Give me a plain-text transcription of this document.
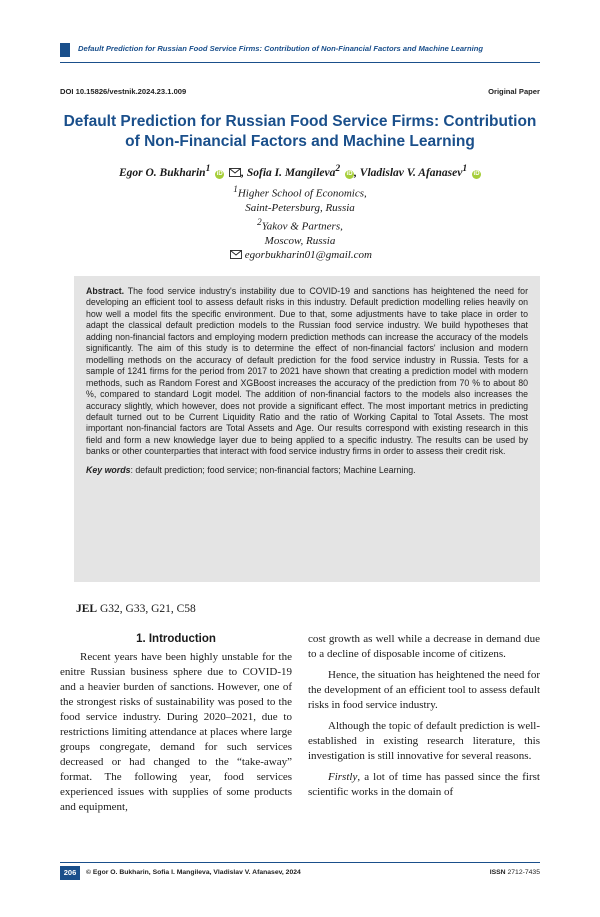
Default Prediction for Russian Food Service Firms: Contribution of Non-Financial Factors and Machine Learning
DOI 10.15826/vestnik.2024.23.1.009	Original Paper
Default Prediction for Russian Food Service Firms: Contribution
of Non-Financial Factors and Machine Learning
Egor O. Bukharin1 iD , Sofia I. Mangileva2 iD , Vladislav V. Afanasev1 iD
1Higher School of Economics,
Saint-Petersburg, Russia
2Yakov & Partners,
Moscow, Russia
egorbukharin01@gmail.com

Abstract. The food service industry's instability due to COVID-19 and sanctions has heightened the need for developing an efficient tool to assess default risks in this industry. Default prediction modelling relies heavily on how well a model fits the specific environment. Due to that, some adjustments have to take place in order to adapt the classical default prediction models to the Russian food service industry. We build hypotheses that adding non-financial factors and employing modern prediction methods can increase the accuracy of the models significantly. The aim of this study is to determine the effect of non-financial factors' inclusion and modern modelling methods on the accuracy of default prediction for the food service industry in Russia. Tests for a sample of 1241 firms for the period from 2017 to 2021 have shown that creating a prediction model with modern methods, such as Random Forest and XGBoost increases the accuracy of the prediction from 70 % to about 80 %, compared to standard Logit model. The addition of non-financial factors to the models also increases the accuracy slightly, which however, does not provide a significant effect. The most important metrics in predicting default turned out to be Current Liquidity Ratio and the ratio of Working Capital to Total Assets. The most important non-financial factors are Total Assets and Age. Our results correspond with existing research in this field and form a new knowledge layer due to being applied to a specific industry. The results can be used by banks or other counterparties that interact with food service industry firms in order to assess their credit risk.

Key words: default prediction; food service; non-financial factors; Machine Learning.

JEL G32, G33, G21, C58
1. Introduction

Recent years have been highly unstable for the enitre Russian business sphere due to COVID-19 and a heavier burden of sanctions. However, one of the strongest risks of sustainability was posed to the food service industry. During 2020–2021, due to restrictions limiting attendance at places where large groups congregate, demand for such services decreased or had changed to the “take-away” format. The following year, food services experienced issues with supplies of some products and equipment,

cost growth as well while a decrease in demand due to a decline of disposable income of citizens.

Hence, the situation has heightened the need for the development of an efficient tool to assess default risks in food service industry.

Although the topic of default prediction is well-established in existing research literature, this investigation is still innovative for several reasons.

Firstly, a lot of time has passed since the first scientific works in the domain of

206	© Egor O. Bukharin, Sofia I. Mangileva, Vladislav V. Afanasev, 2024	ISSN 2712-7435
